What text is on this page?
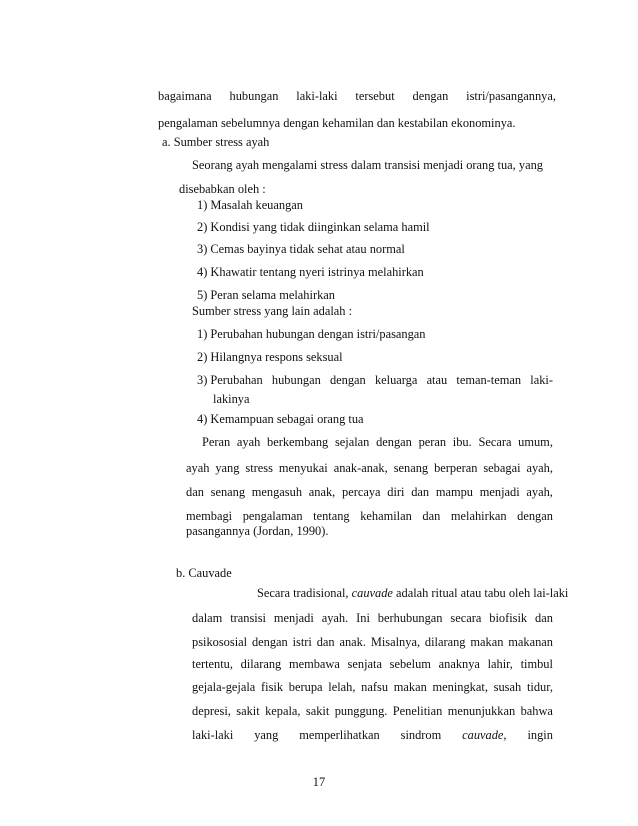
bagaimana hubungan laki-laki tersebut dengan istri/pasangannya,
pengalaman sebelumnya dengan kehamilan dan kestabilan ekonominya.
a. Sumber stress ayah
Seorang ayah mengalami stress dalam transisi menjadi orang tua, yang
disebabkan oleh :
1) Masalah keuangan
2) Kondisi yang tidak diinginkan selama hamil
3) Cemas bayinya tidak sehat atau normal
4) Khawatir tentang nyeri istrinya melahirkan
5) Peran selama melahirkan
Sumber stress yang lain adalah :
1) Perubahan hubungan dengan istri/pasangan
2) Hilangnya respons seksual
3) Perubahan hubungan dengan keluarga atau teman-teman laki-
lakinya
4) Kemampuan sebagai orang tua
Peran ayah berkembang sejalan dengan peran ibu. Secara umum,
ayah yang stress menyukai anak-anak, senang berperan sebagai ayah,
dan senang mengasuh anak, percaya diri dan mampu menjadi ayah,
membagi pengalaman tentang kehamilan dan melahirkan dengan
pasangannya (Jordan, 1990).
b. Cauvade
Secara tradisional, cauvade adalah ritual atau tabu oleh lai-laki
dalam transisi menjadi ayah. Ini berhubungan secara biofisik dan
psikososial dengan istri dan anak. Misalnya, dilarang makan makanan
tertentu, dilarang membawa senjata sebelum anaknya lahir, timbul
gejala-gejala fisik berupa lelah, nafsu makan meningkat, susah tidur,
depresi, sakit kepala, sakit punggung. Penelitian menunjukkan bahwa
laki-laki yang memperlihatkan sindrom cauvade, ingin
17
